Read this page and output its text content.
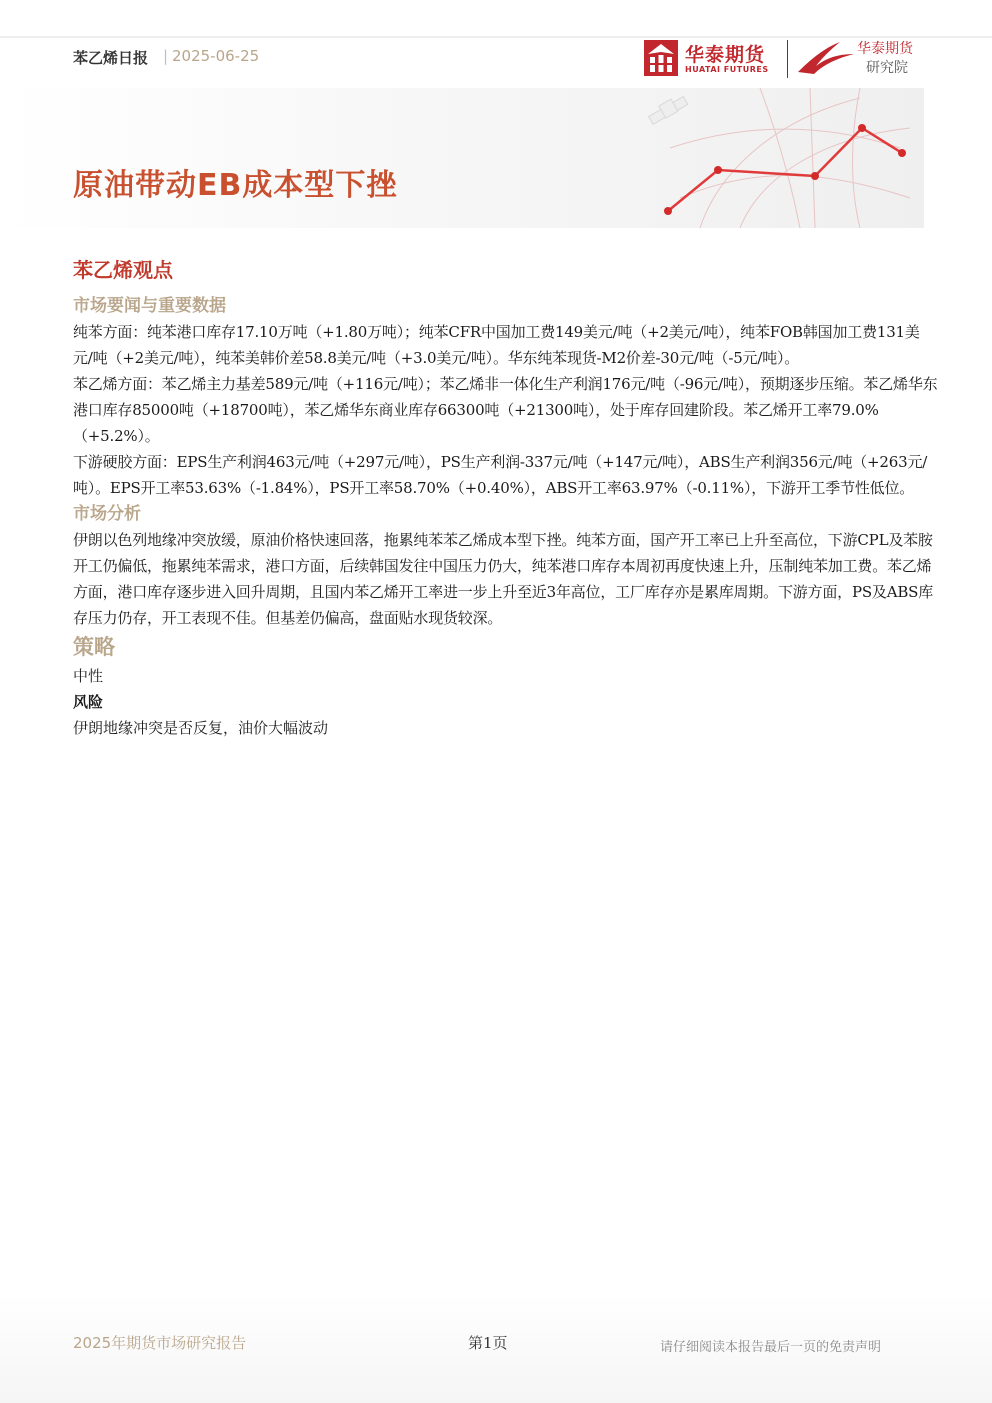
苯乙烯日报 | 2025-06-25	华泰期货
HUATAI FUTURES
华泰期货
研究院
原油带动EB成本型下挫
苯乙烯观点
市场要闻与重要数据

纯苯方面：纯苯港口库存17.10万吨（+1.80万吨）；纯苯CFR中国加工费149美元/吨（+2美元/吨），纯苯FOB韩国加工费131美元/吨（+2美元/吨），纯苯美韩价差58.8美元/吨（+3.0美元/吨）。华东纯苯现货-M2价差-30元/吨（-5元/吨）。

苯乙烯方面：苯乙烯主力基差589元/吨（+116元/吨）；苯乙烯非一体化生产利润176元/吨（-96元/吨），预期逐步压缩。苯乙烯华东港口库存85000吨（+18700吨），苯乙烯华东商业库存66300吨（+21300吨），处于库存回建阶段。苯乙烯开工率79.0%（+5.2%）。

下游硬胶方面：EPS生产利润463元/吨（+297元/吨），PS生产利润-337元/吨（+147元/吨），ABS生产利润356元/吨（+263元/吨）。EPS开工率53.63%（-1.84%），PS开工率58.70%（+0.40%），ABS开工率63.97%（-0.11%），下游开工季节性低位。

市场分析

伊朗以色列地缘冲突放缓，原油价格快速回落，拖累纯苯苯乙烯成本型下挫。纯苯方面，国产开工率已上升至高位，下游CPL及苯胺开工仍偏低，拖累纯苯需求，港口方面，后续韩国发往中国压力仍大，纯苯港口库存本周初再度快速上升，压制纯苯加工费。苯乙烯方面，港口库存逐步进入回升周期，且国内苯乙烯开工率进一步上升至近3年高位，工厂库存亦是累库周期。下游方面，PS及ABS库存压力仍存，开工表现不佳。但基差仍偏高，盘面贴水现货较深。

策略

中性

风险

伊朗地缘冲突是否反复，油价大幅波动

2025年期货市场研究报告	第1页	请仔细阅读本报告最后一页的免责声明
